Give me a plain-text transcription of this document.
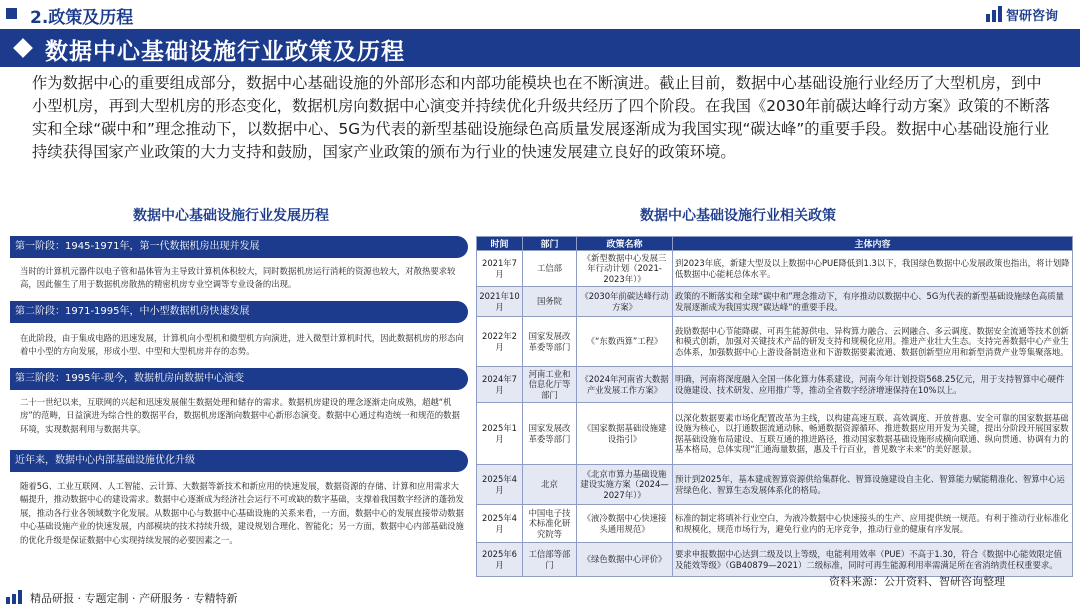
2.政策及历程	智研咨询
数据中心基础设施行业政策及历程
作为数据中心的重要组成部分，数据中心基础设施的外部形态和内部功能模块也在不断演进。截止目前，数据中心基础设施行业经历了大型机房，到中小型机房，再到大型机房的形态变化，数据机房向数据中心演变并持续优化升级共经历了四个阶段。在我国《2030年前碳达峰行动方案》政策的不断落实和全球“碳中和”理念推动下，以数据中心、5G为代表的新型基础设施绿色高质量发展逐渐成为我国实现“碳达峰”的重要手段。数据中心基础设施行业持续获得国家产业政策的大力支持和鼓励，国家产业政策的颁布为行业的快速发展建立良好的政策环境。
数据中心基础设施行业发展历程	数据中心基础设施行业相关政策
第一阶段：1945-1971年，第一代数据机房出现并发展
当时的计算机元器件以电子管和晶体管为主导致计算机体积较大，同时数据机房运行消耗的资源也较大，对散热要求较高，因此催生了用于数据机房散热的精密机房专业空调等专业设备的出现。
第二阶段：1971-1995年，中小型数据机房快速发展
在此阶段，由于集成电路的迅速发展，计算机向小型机和微型机方向演进，进入微型计算机时代，因此数据机房的形态向着中小型的方向发展，形成小型、中型和大型机房并存的态势。
第三阶段：1995年-现今，数据机房向数据中心演变
二十一世纪以来，互联网的兴起和迅速发展催生数据处理和储存的需求。数据机房建设的理念逐渐走向成熟，超越“机房”的范畴，日益演进为综合性的数据平台，数据机房逐渐向数据中心新形态演变。数据中心通过构造统一和规范的数据环境，实现数据利用与数据共享。
近年来，数据中心内部基础设施优化升级
随着5G、工业互联网、人工智能、云计算、大数据等新技术和新应用的快速发展，数据资源的存储、计算和应用需求大幅提升，推动数据中心的建设需求。数据中心逐渐成为经济社会运行不可或缺的数字基础，支撑着我国数字经济的蓬勃发展，推动各行业各领域数字化发展。从数据中心与数据中心基础设施的关系来看，一方面，数据中心的发展直接带动数据中心基础设施产业的快速发展，内部模块的技术持续升级，建设规划合理化、智能化；另一方面，数据中心内部基础设施的优化升级是保证数据中心实现持续发展的必要因素之一。
时间	部门	政策名称	主体内容
2021年7月	工信部	《新型数据中心发展三年行动计划（2021-2023年）》	到2023年底，新建大型及以上数据中心PUE降低到1.3以下，我国绿色数据中心发展政策也指出，将计划降低数据中心能耗总体水平。
2021年10月	国务院	《2030年前碳达峰行动方案》	政策的不断落实和全球“碳中和”理念推动下，有序推动以数据中心、5G为代表的新型基础设施绿色高质量发展逐渐成为我国实现“碳达峰”的重要手段。
2022年2月	国家发展改革委等部门	《“东数西算”工程》	鼓励数据中心节能降碳、可再生能源供电、异构算力融合、云网融合、多云调度、数据安全流通等技术创新和模式创新，加强对关键技术产品的研发支持和规模化应用。推进产业壮大生态。支持完善数据中心产业生态体系，加强数据中心上游设备制造业和下游数据要素流通、数据创新型应用和新型消费产业等集聚落地。
2024年7月	河南工业和信息化厅等部门	《2024年河南省大数据产业发展工作方案》	明确，河南将深度融入全国一体化算力体系建设，河南今年计划投资568.25亿元，用于支持智算中心硬件设施建设、技术研发、应用推广等，推动全省数字经济增速保持在10%以上。
2025年1月	国家发展改革委等部门	《国家数据基础设施建设指引》	以深化数据要素市场化配置改革为主线，以构建高速互联、高效调度、开放普惠、安全可靠的国家数据基础设施为核心，以打通数据流通动脉、畅通数据资源循环、推进数据应用开发为关键，提出分阶段开展国家数据基础设施布局建设、互联互通的推进路径，推动国家数据基础设施形成横向联通、纵向贯通、协调有力的基本格局，总体实现“汇通海量数据，惠及千行百业，普见数字未来”的美好愿景。
2025年4月	北京	《北京市算力基础设施建设实施方案（2024—2027年）》	预计到2025年，基本建成智算资源供给集群化、智算设施建设自主化、智算能力赋能精准化、智算中心运营绿色化、智算生态发展体系化的格局。
2025年4月	中国电子技术标准化研究院等	《液冷数据中心快速接头通用规范》	标准的制定将填补行业空白，为液冷数据中心快速接头的生产、应用提供统一规范。有利于推动行业标准化和规模化，规范市场行为，避免行业内的无序竞争，推动行业的健康有序发展。
2025年6月	工信部等部门	《绿色数据中心评价》	要求申报数据中心达到二级及以上等级，电能利用效率（PUE）不高于1.30，符合《数据中心能效限定值及能效等级》（GB40879—2021）二级标准，同时可再生能源利用率需满足所在省消纳责任权重要求。
资料来源：公开资料、智研咨询整理
精品研报 · 专题定制 · 产研服务 · 专精特新
